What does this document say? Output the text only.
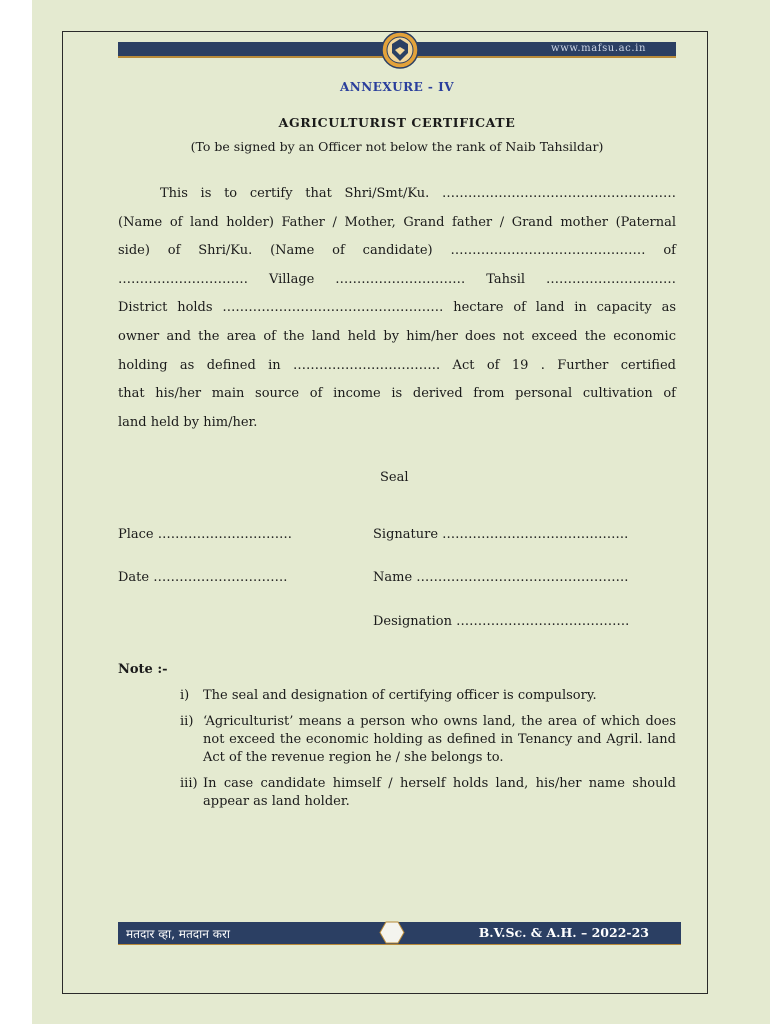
www.mafsu.ac.in
ANNEXURE - IV
AGRICULTURIST CERTIFICATE
(To be signed by an Officer not below the rank of Naib Tahsildar)
This is to certify that Shri/Smt/Ku. ………………………………………………
(Name of land holder) Father / Mother, Grand father / Grand mother (Paternal
side) of Shri/Ku. (Name of candidate) ……………………………………… of
………………………… Village ………………………… Tahsil …………………………
District holds …………………………………………… hectare of land in capacity as
owner and the area of the land held by him/her does not exceed the economic
holding as defined in ……………………………. Act of 19 . Further certified
that his/her main source of income is derived from personal cultivation of
land held by him/her.
Seal
Place ………………………….
Date ………………………….
Signature …………………………………….
Name ………………………………………….
Designation ………………………………….
Note :-
i) The seal and designation of certifying officer is compulsory.
ii) ‘Agriculturist’ means a person who owns land, the area of which does not exceed the economic holding as defined in Tenancy and Agril. land Act of the revenue region he / she belongs to.
iii) In case candidate himself / herself holds land, his/her name should appear as land holder.
मतदार व्हा, मतदान करा	B.V.Sc. & A.H. – 2022-23
